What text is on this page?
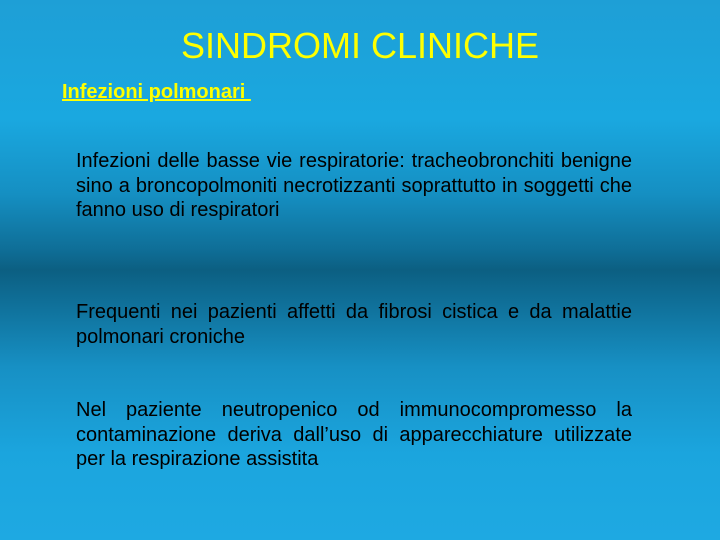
SINDROMI CLINICHE
Infezioni polmonari
Infezioni delle basse vie respiratorie: tracheobronchiti benigne sino a broncopolmoniti necrotizzanti soprattutto in soggetti che fanno uso di respiratori
Frequenti nei pazienti affetti da fibrosi cistica e da malattie polmonari croniche
Nel paziente neutropenico od immunocompromesso la contaminazione deriva dall’uso di apparecchiature utilizzate per la respirazione assistita
